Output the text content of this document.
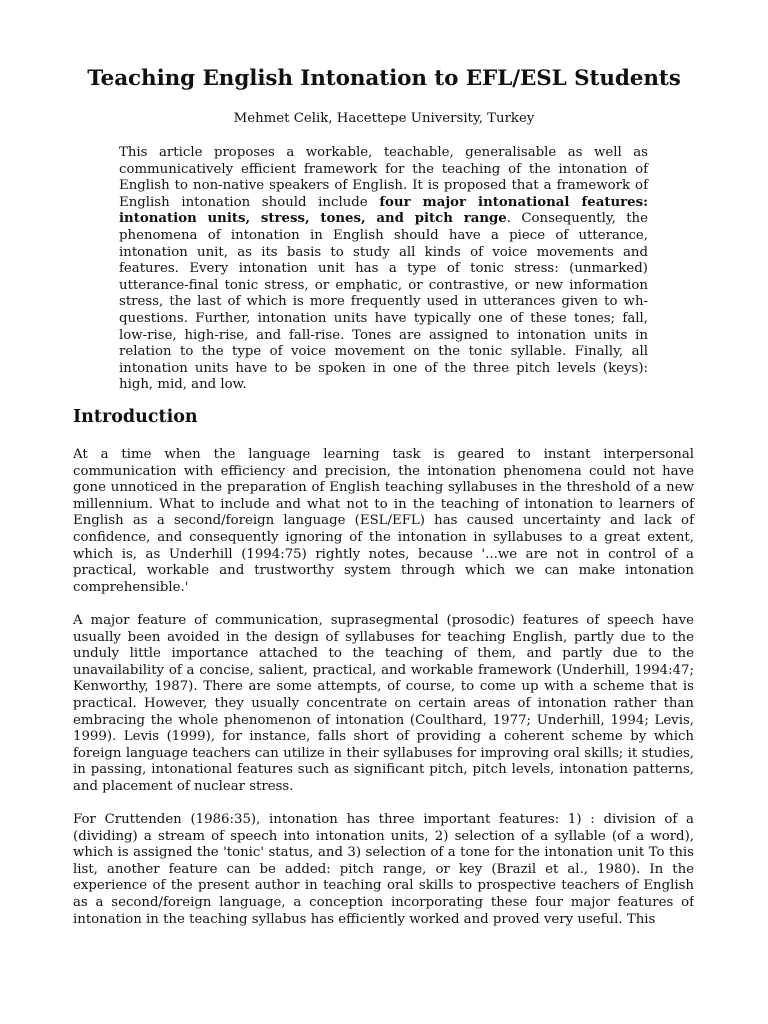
Teaching English Intonation to EFL/ESL Students

Mehmet Celik, Hacettepe University, Turkey

This article proposes a workable, teachable, generalisable as well as communicatively efficient framework for the teaching of the intonation of English to non-native speakers of English. It is proposed that a framework of English intonation should include four major intonational features: intonation units, stress, tones, and pitch range. Consequently, the phenomena of intonation in English should have a piece of utterance, intonation unit, as its basis to study all kinds of voice movements and features. Every intonation unit has a type of tonic stress: (unmarked) utterance-final tonic stress, or emphatic, or contrastive, or new information stress, the last of which is more frequently used in utterances given to wh-questions. Further, intonation units have typically one of these tones; fall, low-rise, high-rise, and fall-rise. Tones are assigned to intonation units in relation to the type of voice movement on the tonic syllable. Finally, all intonation units have to be spoken in one of the three pitch levels (keys): high, mid, and low.

Introduction

At a time when the language learning task is geared to instant interpersonal communication with efficiency and precision, the intonation phenomena could not have gone unnoticed in the preparation of English teaching syllabuses in the threshold of a new millennium. What to include and what not to in the teaching of intonation to learners of English as a second/foreign language (ESL/EFL) has caused uncertainty and lack of confidence, and consequently ignoring of the intonation in syllabuses to a great extent, which is, as Underhill (1994:75) rightly notes, because '...we are not in control of a practical, workable and trustworthy system through which we can make intonation comprehensible.'

A major feature of communication, suprasegmental (prosodic) features of speech have usually been avoided in the design of syllabuses for teaching English, partly due to the unduly little importance attached to the teaching of them, and partly due to the unavailability of a concise, salient, practical, and workable framework (Underhill, 1994:47; Kenworthy, 1987). There are some attempts, of course, to come up with a scheme that is practical. However, they usually concentrate on certain areas of intonation rather than embracing the whole phenomenon of intonation (Coulthard, 1977; Underhill, 1994; Levis, 1999). Levis (1999), for instance, falls short of providing a coherent scheme by which foreign language teachers can utilize in their syllabuses for improving oral skills; it studies, in passing, intonational features such as significant pitch, pitch levels, intonation patterns, and placement of nuclear stress.

For Cruttenden (1986:35), intonation has three important features: 1) : division of a (dividing) a stream of speech into intonation units, 2) selection of a syllable (of a word), which is assigned the 'tonic' status, and 3) selection of a tone for the intonation unit To this list, another feature can be added: pitch range, or key (Brazil et al., 1980). In the experience of the present author in teaching oral skills to prospective teachers of English as a second/foreign language, a conception incorporating these four major features of intonation in the teaching syllabus has efficiently worked and proved very useful. This
